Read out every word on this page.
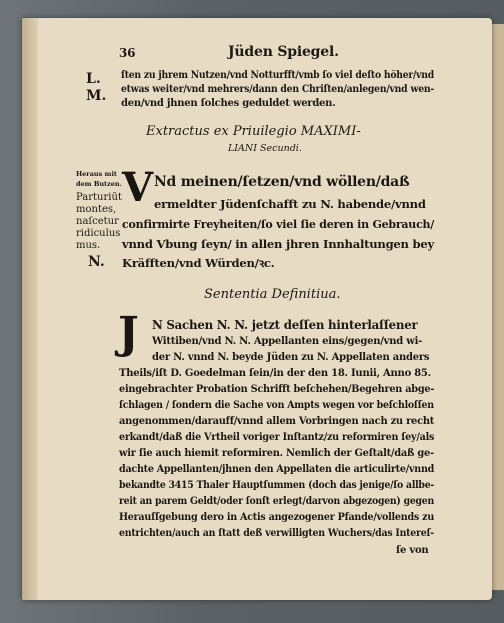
36	Jüden Spiegel.
L.
M.
ſten zu jhrem Nutzen/vnd Notturfft/vmb ſo viel deſto höher/vnd
etwas weiter/vnd mehrers/dann den Chriſten/anlegen/vnd wen-
den/vnd jhnen ſolches geduldet werden.
Extractus ex Priuilegio MAXIMI-
LIANI Secundi.
Heraus mit
dem Butzen.
Parturiūt
montes,
naſcetur
ridiculus
mus.
N.
V Nd meinen/ſetzen/vnd wöllen/daß
ermeldter Jüdenſchafft zu N. habende/vnnd
confirmirte Freyheiten/ſo viel ſie deren in Gebrauch/
vnnd Vbung ſeyn/ in allen jhren Innhaltungen bey
Kräfften/vnd Würden/ꝛc.
Sententia Definitiua.
J N Sachen N. N. jetzt deſſen hinterlaſſener
Wittiben/vnd N. N. Appellanten eins/gegen/vnd wi-
der N. vnnd N. beyde Jüden zu N. Appellaten anders
Theils/iſt D. Goedelman ſein/in der den 18. Iunii, Anno 85.
eingebrachter Probation Schrifft beſchehen/Begehren abge-
ſchlagen / ſondern die Sache von Ampts wegen vor beſchloſſen
angenommen/darauff/vnnd allem Vorbringen nach zu recht
erkandt/daß die Vrtheil voriger Inſtantz/zu reformiren ſey/als
wir ſie auch hiemit reformiren. Nemlich der Geſtalt/daß ge-
dachte Appellanten/jhnen den Appellaten die articulirte/vnnd
bekandte 3415 Thaler Hauptſummen (doch das jenige/ſo allbe-
reit an parem Geldt/oder ſonſt erlegt/darvon abgezogen) gegen
Herauſſgebung dero in Actis angezogener Pfande/vollends zu
entrichten/auch an ſtatt deß verwilligten Wuchers/das Intereſ-
ſe von
